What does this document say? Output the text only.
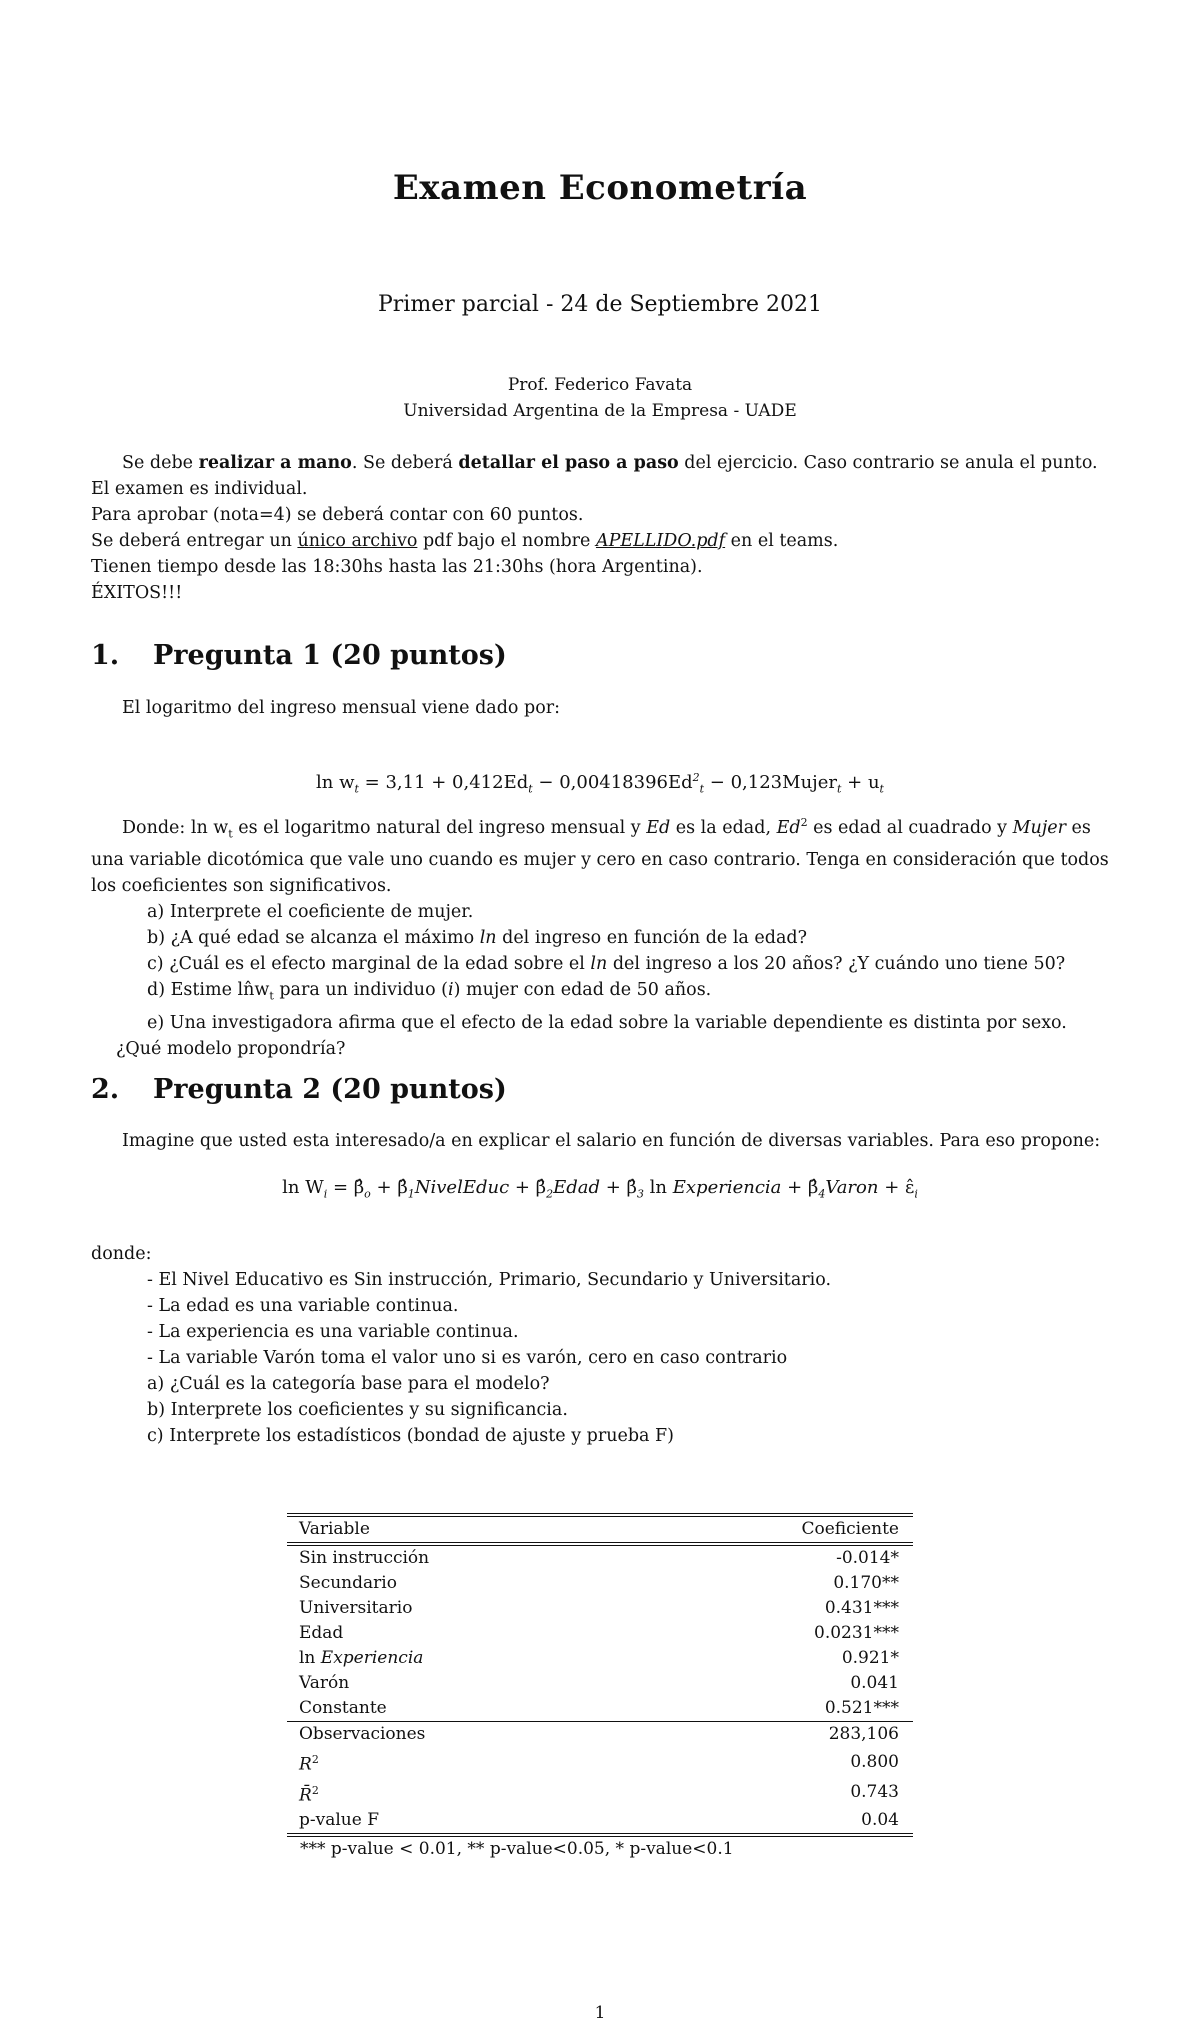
Examen Econometría
Primer parcial - 24 de Septiembre 2021
Prof. Federico Favata
Universidad Argentina de la Empresa - UADE
Se debe realizar a mano. Se deberá detallar el paso a paso del ejercicio. Caso contrario se anula el punto. El examen es individual.
Para aprobar (nota=4) se deberá contar con 60 puntos.
Se deberá entregar un único archivo pdf bajo el nombre APELLIDO.pdf en el teams.
Tienen tiempo desde las 18:30hs hasta las 21:30hs (hora Argentina).
ÉXITOS!!!
1. Pregunta 1 (20 puntos)
El logaritmo del ingreso mensual viene dado por:
$\ln w_t = 3,11 + 0,412Ed_t - 0,00418396Ed^2_t$ − 0,123Mujer$_t$ + $u_t$
Donde: $\ln w_t$ es el logaritmo natural del ingreso mensual y Ed es la edad, Ed$^2$ es edad al cuadrado y Mujer es una variable dicotómica que vale uno cuando es mujer y cero en caso contrario. Tenga en consideración que todos los coeficientes son significativos.
a) Interprete el coeficiente de mujer.
b) ¿A qué edad se alcanza el máximo ln del ingreso en función de la edad?
c) ¿Cuál es el efecto marginal de la edad sobre el ln del ingreso a los 20 años? ¿Y cuándo uno tiene 50?
d) Estime $\ln̂w_t$ para un individuo (i) mujer con edad de 50 años.
e) Una investigadora afirma que el efecto de la edad sobre la variable dependiente es distinta por sexo. ¿Qué modelo propondría?
2. Pregunta 2 (20 puntos)
Imagine que usted esta interesado/a en explicar el salario en función de diversas variables. Para eso propone:
$\ln W_i$ = $\betâ_o$ + $\betâ_1NivelEduc$ + $\betâ_2Edad$ + $\betâ_3$ ln Experiencia + $\betâ_4Varon$ + $\varepsilon̂_i$
donde:
- El Nivel Educativo es Sin instrucción, Primario, Secundario y Universitario.
- La edad es una variable continua.
- La experiencia es una variable continua.
- La variable Varón toma el valor uno si es varón, cero en caso contrario
a) ¿Cuál es la categoría base para el modelo?
b) Interprete los coeficientes y su significancia.
c) Interprete los estadísticos (bondad de ajuste y prueba F)
Variable	Coeficiente
Sin instrucción	-0.014*
Secundario	0.170**
Universitario	0.431***
Edad	0.0231***
ln Experiencia	0.921*
Varón	0.041
Constante	0.521***
Observaciones	283,106
$R^2$	0.800
R̄$^2$	0.743
p-value F	0.04
*** p-value < 0.01, ** p-value<0.05, * p-value<0.1
1
